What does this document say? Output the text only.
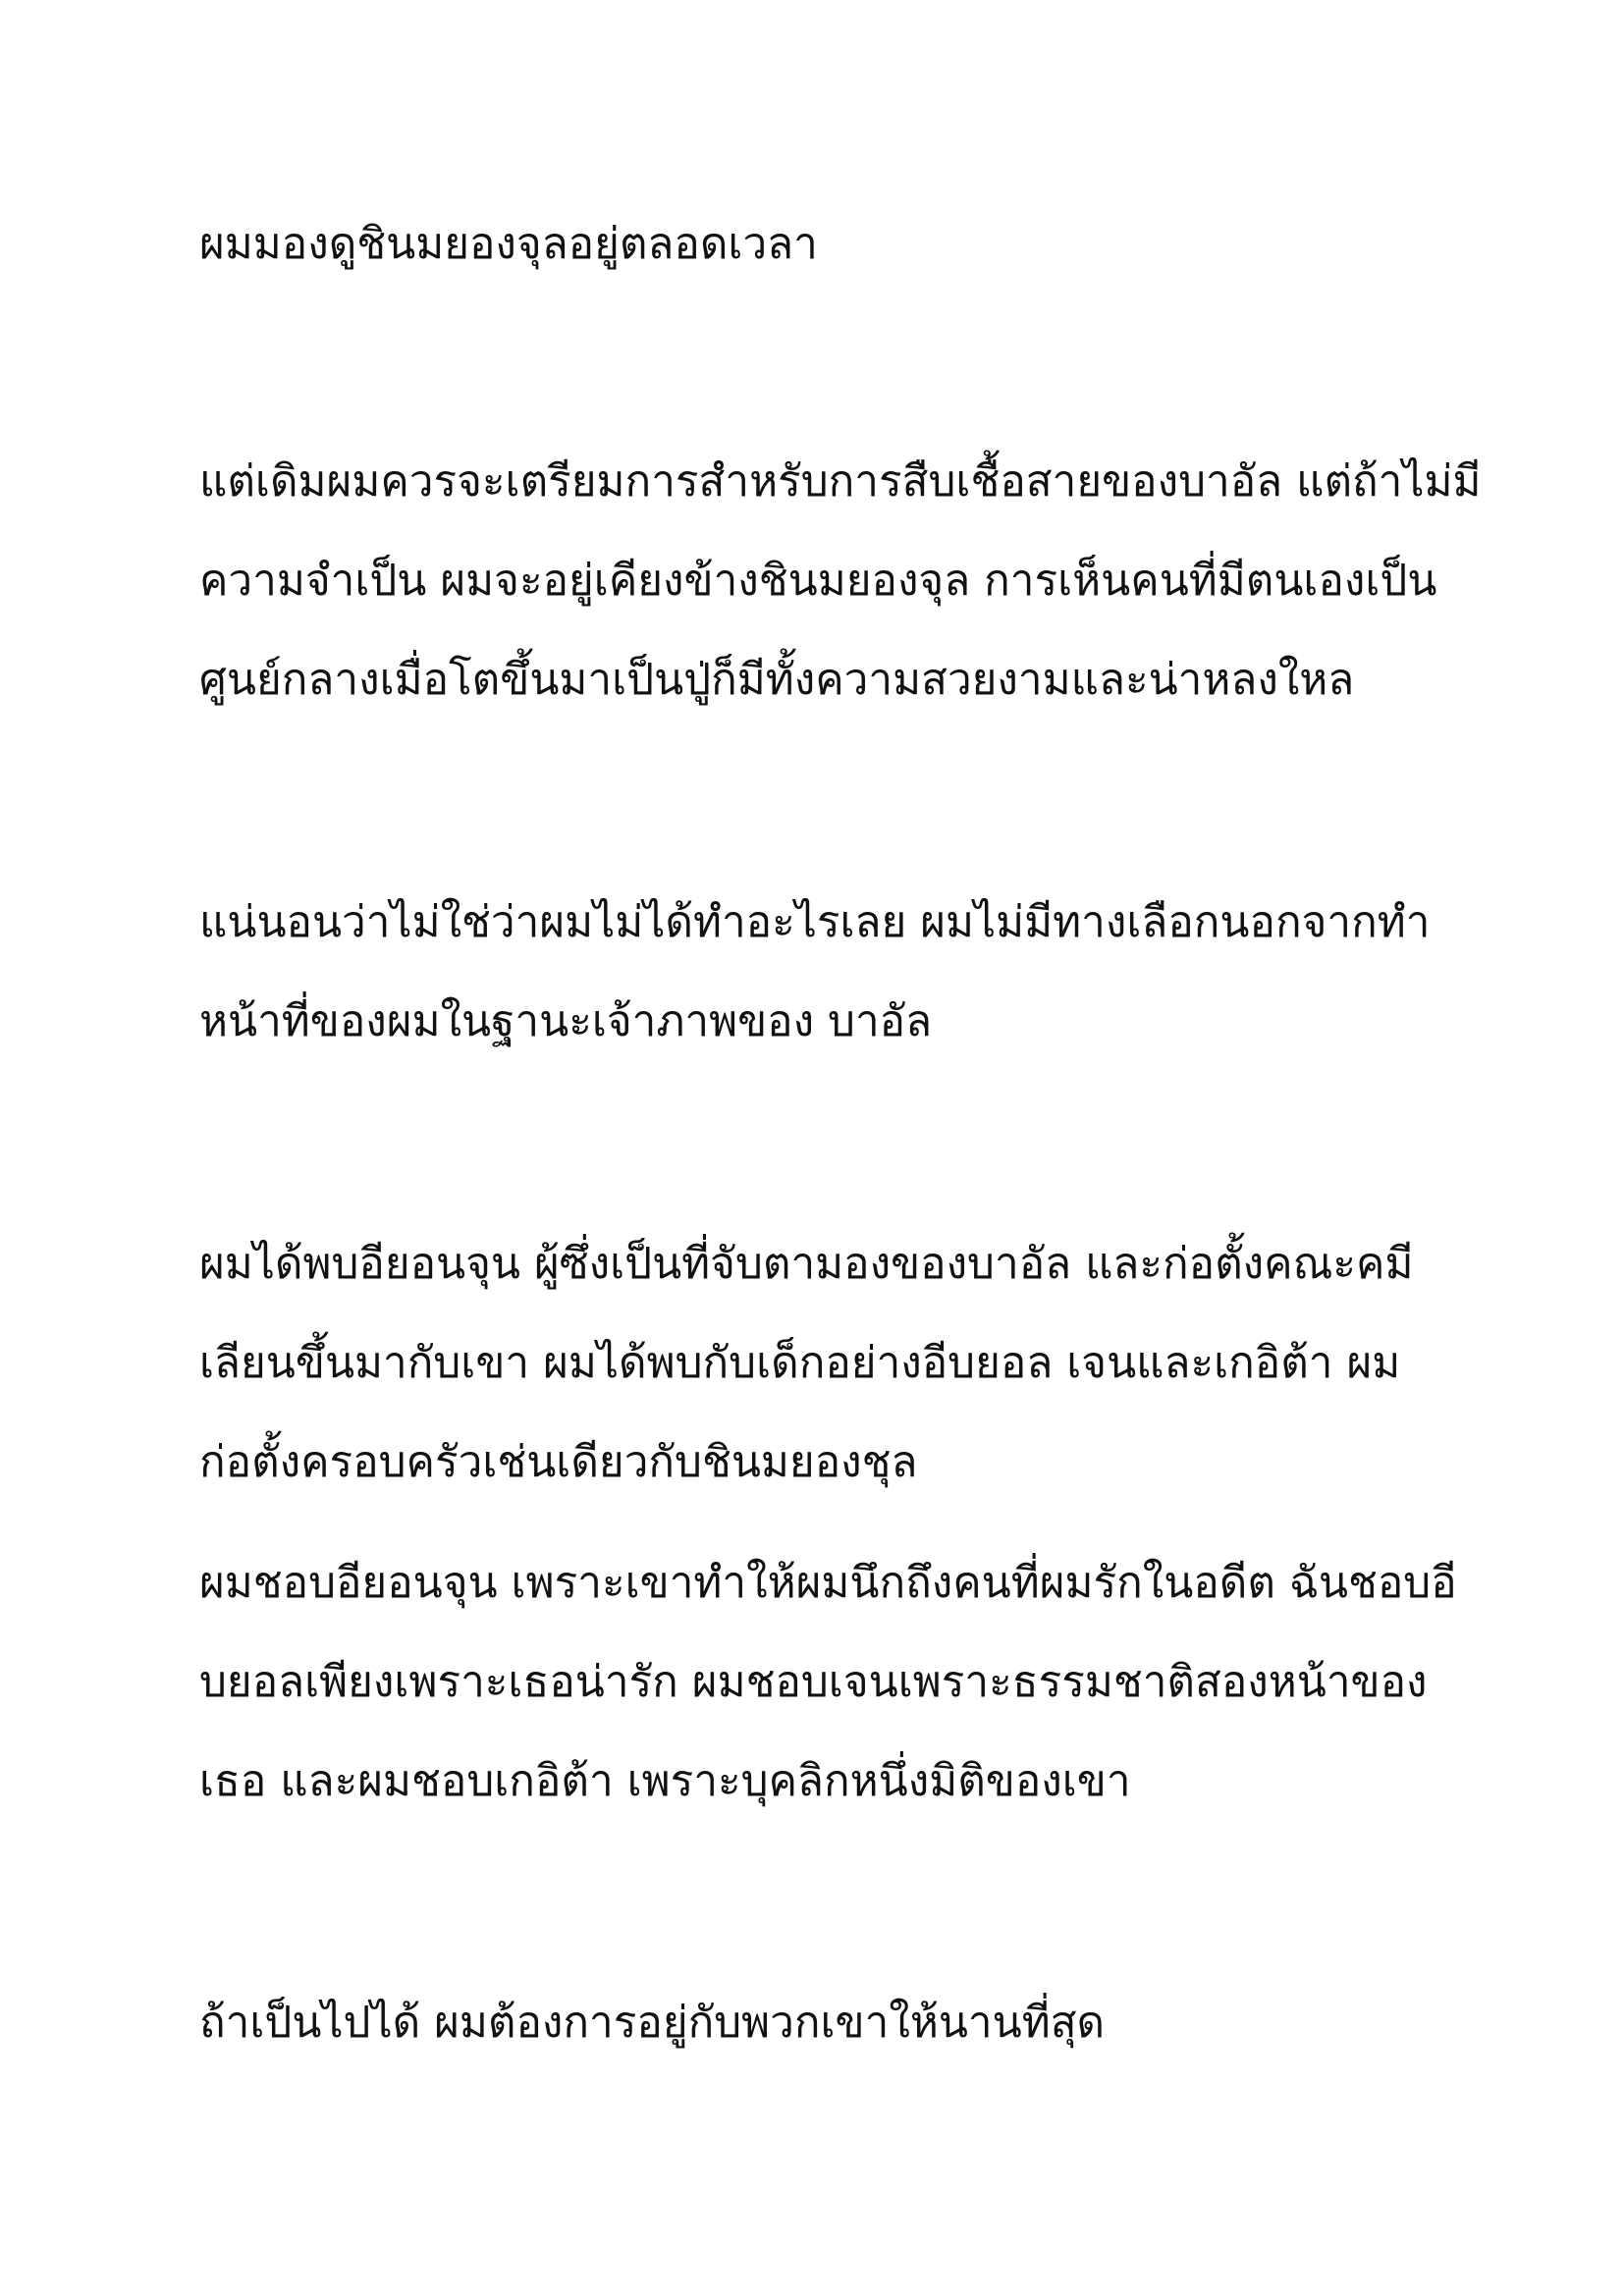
ผมมองดูชินมยองจุลอยู่ตลอดเวลา

แต่เดิมผมควรจะเตรียมการสำหรับการสืบเชื้อสายของบาอัล แต่ถ้าไม่มี

ความจำเป็น ผมจะอยู่เคียงข้างชินมยองจุล การเห็นคนที่มีตนเองเป็น

ศูนย์กลางเมื่อโตขึ้นมาเป็นปู่ก็มีทั้งความสวยงามและน่าหลงใหล

แน่นอนว่าไม่ใช่ว่าผมไม่ได้ทำอะไรเลย ผมไม่มีทางเลือกนอกจากทำ

หน้าที่ของผมในฐานะเจ้าภาพของ บาอัล

ผมได้พบอียอนจุน ผู้ซึ่งเป็นที่จับตามองของบาอัล และก่อตั้งคณะคมี

เลียนขึ้นมากับเขา ผมได้พบกับเด็กอย่างอีบยอล เจนและเกอิต้า ผม

ก่อตั้งครอบครัวเช่นเดียวกับชินมยองชุล

ผมชอบอียอนจุน เพราะเขาทำให้ผมนึกถึงคนที่ผมรักในอดีต ฉันชอบอี

บยอลเพียงเพราะเธอน่ารัก ผมชอบเจนเพราะธรรมชาติสองหน้าของ

เธอ และผมชอบเกอิต้า เพราะบุคลิกหนึ่งมิติของเขา

ถ้าเป็นไปได้ ผมต้องการอยู่กับพวกเขาให้นานที่สุด
